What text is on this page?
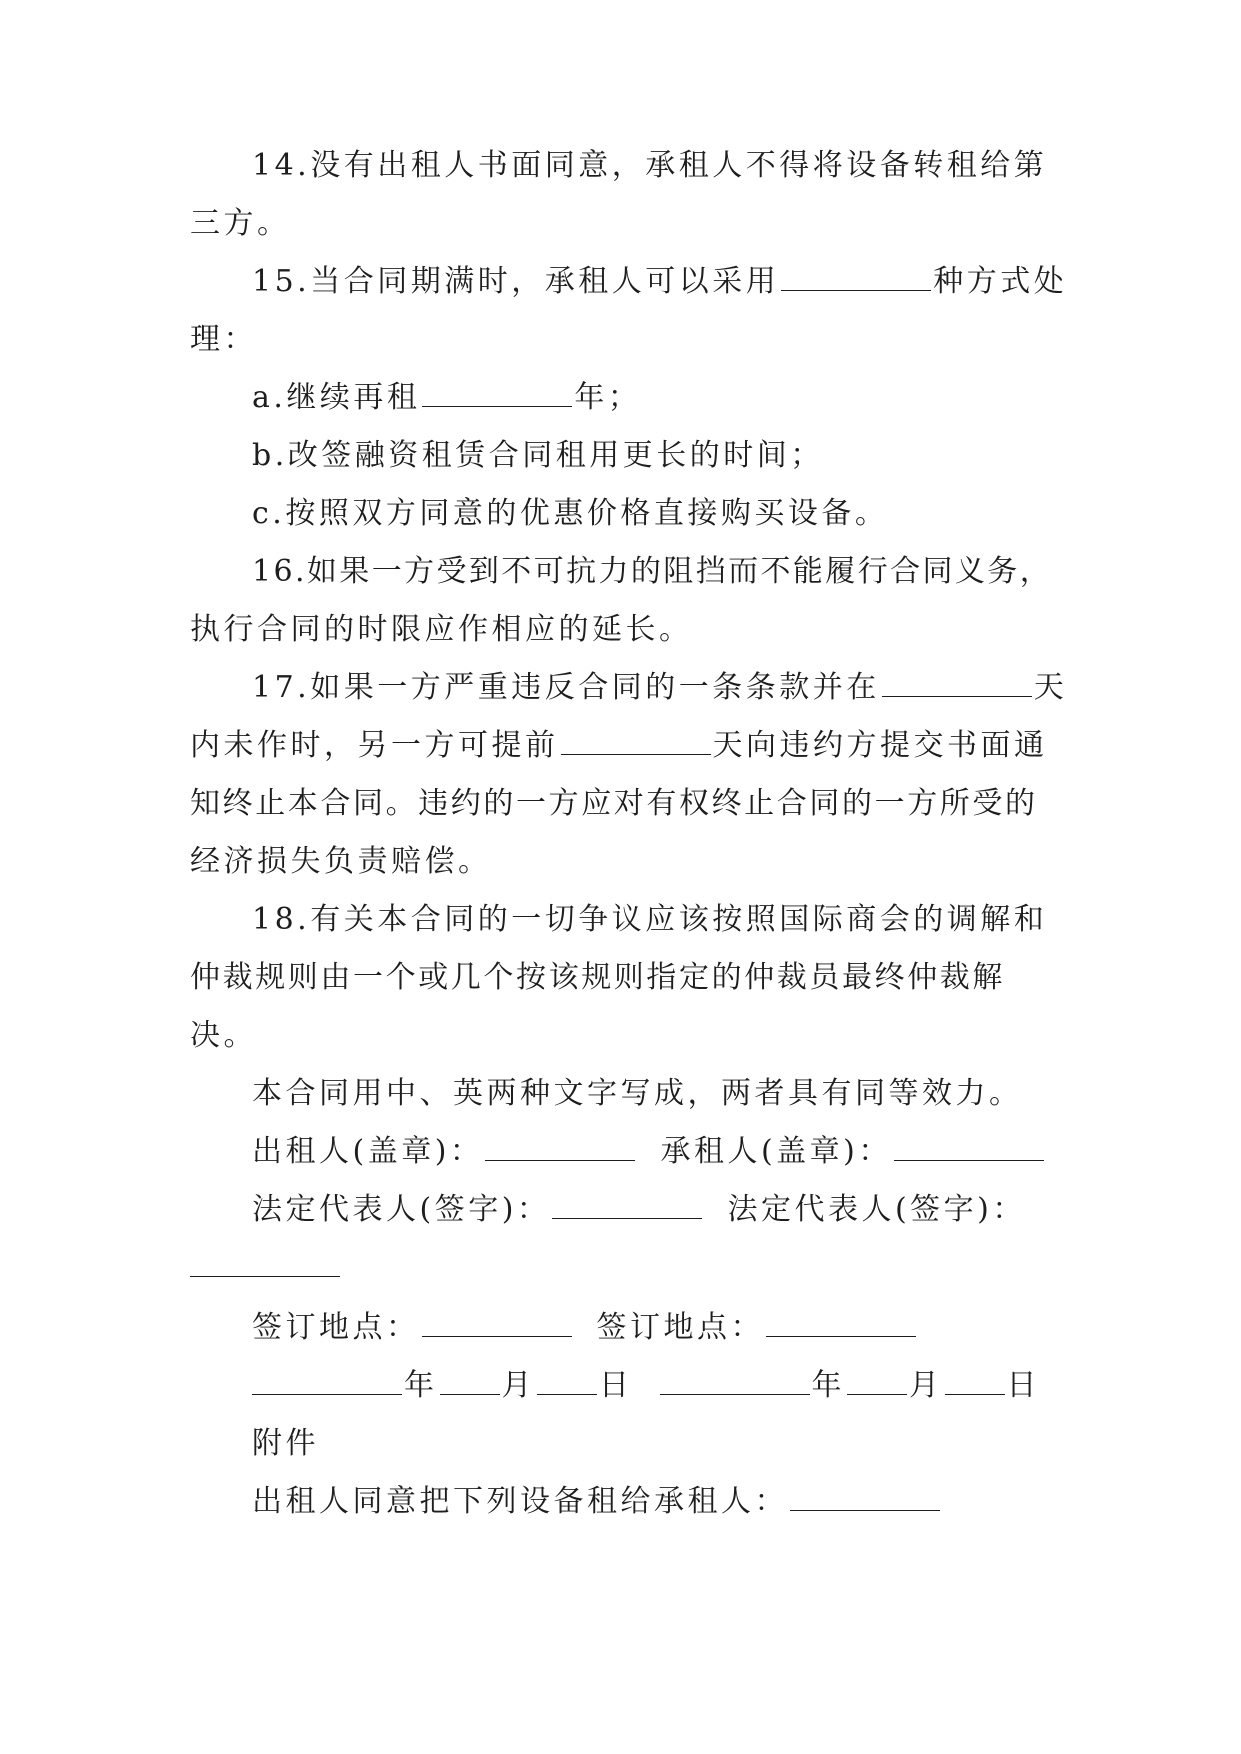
14.没有出租人书面同意，承租人不得将设备转租给第
三方。
15.当合同期满时，承租人可以采用	种方式处
理：
a.继续再租	年；
b.改签融资租赁合同租用更长的时间；
c.按照双方同意的优惠价格直接购买设备。
16.如果一方受到不可抗力的阻挡而不能履行合同义务，
执行合同的时限应作相应的延长。
17.如果一方严重违反合同的一条条款并在	天
内未作时，另一方可提前	天向违约方提交书面通
知终止本合同。违约的一方应对有权终止合同的一方所受的
经济损失负责赔偿。
18.有关本合同的一切争议应该按照国际商会的调解和
仲裁规则由一个或几个按该规则指定的仲裁员最终仲裁解
决。
本合同用中、英两种文字写成，两者具有同等效力。
出租人(盖章)：	承租人(盖章)：
法定代表人(签字)：	法定代表人(签字)：
签订地点：	签订地点：
年 月 日	年 月 日
附件
出租人同意把下列设备租给承租人：
